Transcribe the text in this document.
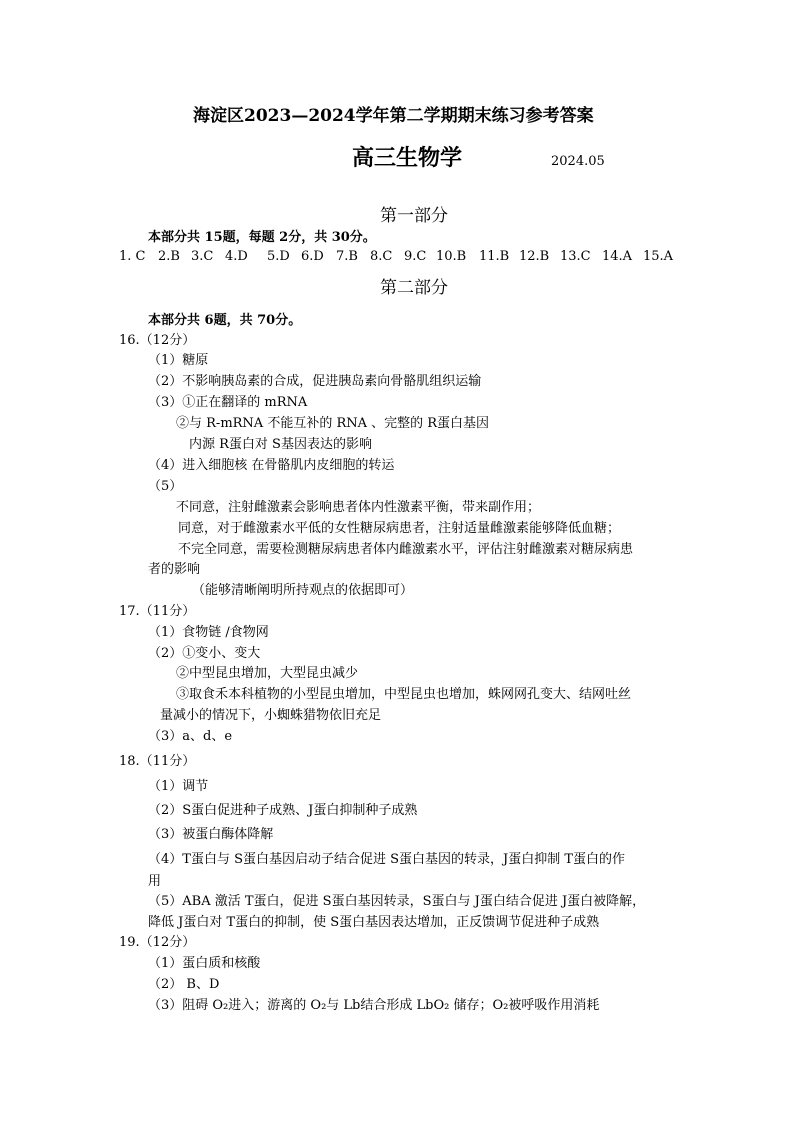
海淀区2023—2024学年第二学期期末练习参考答案
高三生物学	2024.05
第一部分
本部分共 15题，每题 2分，共 30分。
1. C 2.B 3.C 4.D 5.D 6.D 7.B 8.C 9.C 10.B 11.B 12.B 13.C 14.A 15.A
第二部分
本部分共 6题，共 70分。
16.（12分）
（1）糖原
（2）不影响胰岛素的合成，促进胰岛素向骨骼肌组织运输
（3）①正在翻译的 mRNA
②与 R-mRNA 不能互补的 RNA 、完整的 R蛋白基因
内源 R蛋白对 S基因表达的影响
（4）进入细胞核 在骨骼肌内皮细胞的转运
（5）
不同意，注射雌激素会影响患者体内性激素平衡，带来副作用；
同意，对于雌激素水平低的女性糖尿病患者，注射适量雌激素能够降低血糖；
不完全同意，需要检测糖尿病患者体内雌激素水平，评估注射雌激素对糖尿病患
者的影响
（能够清晰阐明所持观点的依据即可）
17.（11分）
（1）食物链 /食物网
（2）①变小、变大
②中型昆虫增加，大型昆虫减少
③取食禾本科植物的小型昆虫增加，中型昆虫也增加，蛛网网孔变大、结网吐丝
量减小的情况下，小蜘蛛猎物依旧充足
（3）a、d、e
18.（11分）
（1）调节
（2）S蛋白促进种子成熟、J蛋白抑制种子成熟
（3）被蛋白酶体降解
（4）T蛋白与 S蛋白基因启动子结合促进 S蛋白基因的转录，J蛋白抑制 T蛋白的作
用
（5）ABA 激活 T蛋白，促进 S蛋白基因转录，S蛋白与 J蛋白结合促进 J蛋白被降解，
降低 J蛋白对 T蛋白的抑制，使 S蛋白基因表达增加，正反馈调节促进种子成熟
19.（12分）
（1）蛋白质和核酸
（2） B、D
（3）阻碍 O₂进入；游离的 O₂与 Lb结合形成 LbO₂ 储存；O₂被呼吸作用消耗
